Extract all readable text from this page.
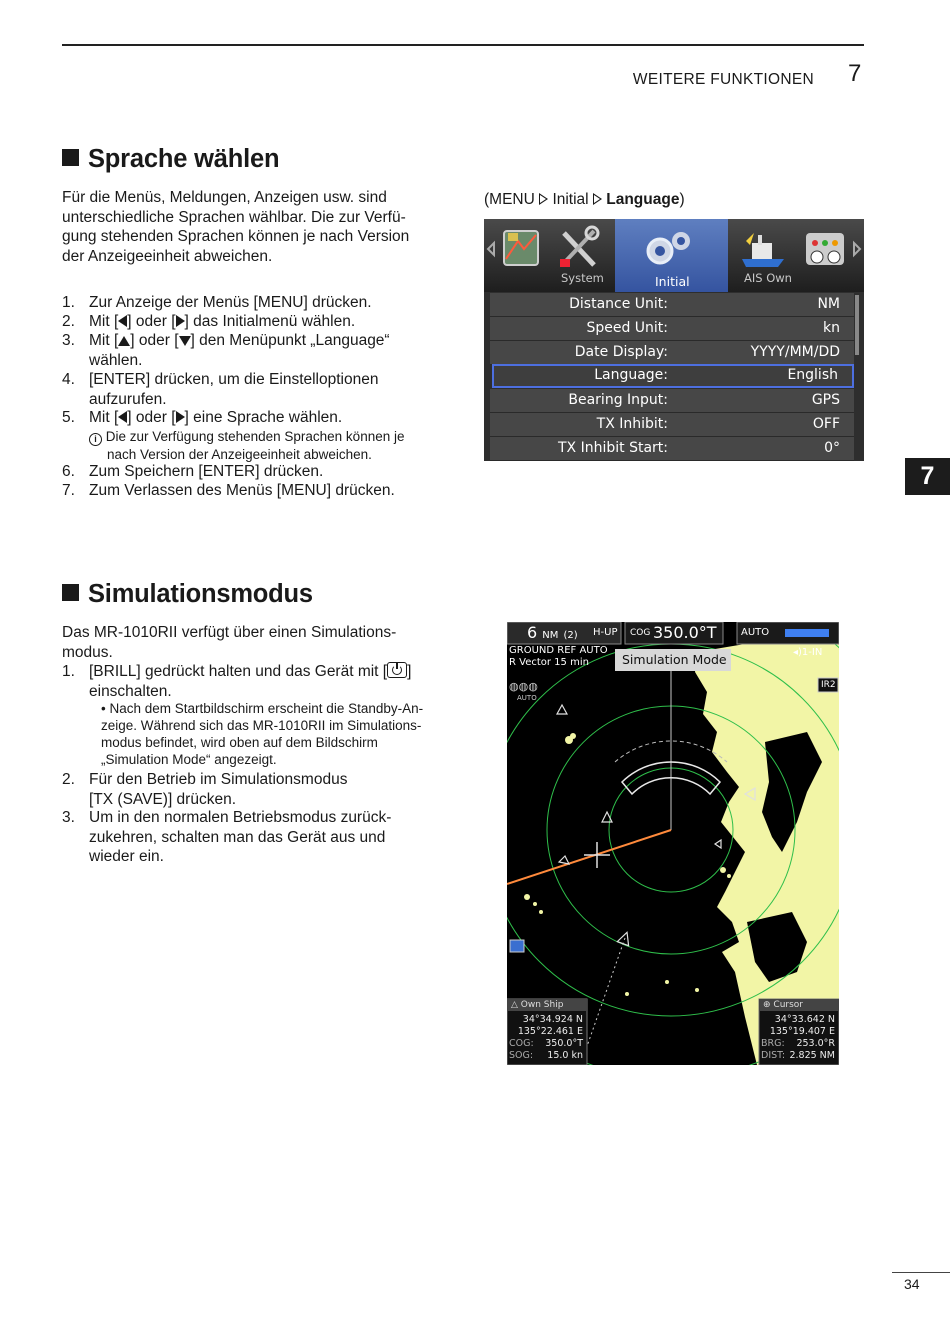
WEITERE FUNKTIONEN 7
7
Sprache wählen
Für die Menüs, Meldungen, Anzeigen usw. sind
unterschiedliche Sprachen wählbar. Die zur Verfü-
gung stehenden Sprachen können je nach Version
der Anzeigeeinheit abweichen.
1. Zur Anzeige der Menüs [MENU] drücken.
2. Mit [ ] oder [ ] das Initialmenü wählen.
3. Mit [ ] oder [ ] den Menüpunkt „Language“
wählen.
4. [ENTER] drücken, um die Einstelloptionen
aufzurufen.
5. Mit [ ] oder [ ] eine Sprache wählen.
i Die zur Verfügung stehenden Sprachen können je
nach Version der Anzeigeeinheit abweichen.
6. Zum Speichern [ENTER] drücken.
7. Zum Verlassen des Menüs [MENU] drücken.
(MENU Initial Language)
System	Initial	AIS Own
Distance Unit:	NM
Speed Unit:	kn
Date Display:	YYYY/MM/DD
Language:	English
Bearing Input:	GPS
TX Inhibit:	OFF
TX Inhibit Start:	0°
Simulationsmodus
Das MR-1010RII verfügt über einen Simulations-
modus.
1. [BRILL] gedrückt halten und das Gerät mit [ ]
einschalten.
• Nach dem Startbildschirm erscheint die Standby-An-
zeige. Während sich das MR-1010RII im Simulations-
modus befindet, wird oben auf dem Bildschirm
„Simulation Mode“ angezeigt.
2. Für den Betrieb im Simulationsmodus
[TX (SAVE)] drücken.
3. Um in den normalen Betriebsmodus zurück-
zukehren, schalten man das Gerät aus und
wieder ein.
6 NM (2) H-UP COG 350.0°T AUTO
GROUND REF AUTO
R Vector 15 min	Simulation Mode	◂)1-IN
IR2
◍◍◍
AUTO
△ Own Ship
34°34.924 N
135°22.461 E
COG: 350.0°T
SOG: 15.0 kn
⊕ Cursor
34°33.642 N
135°19.407 E
BRG: 253.0°R
DIST: 2.825 NM
34
